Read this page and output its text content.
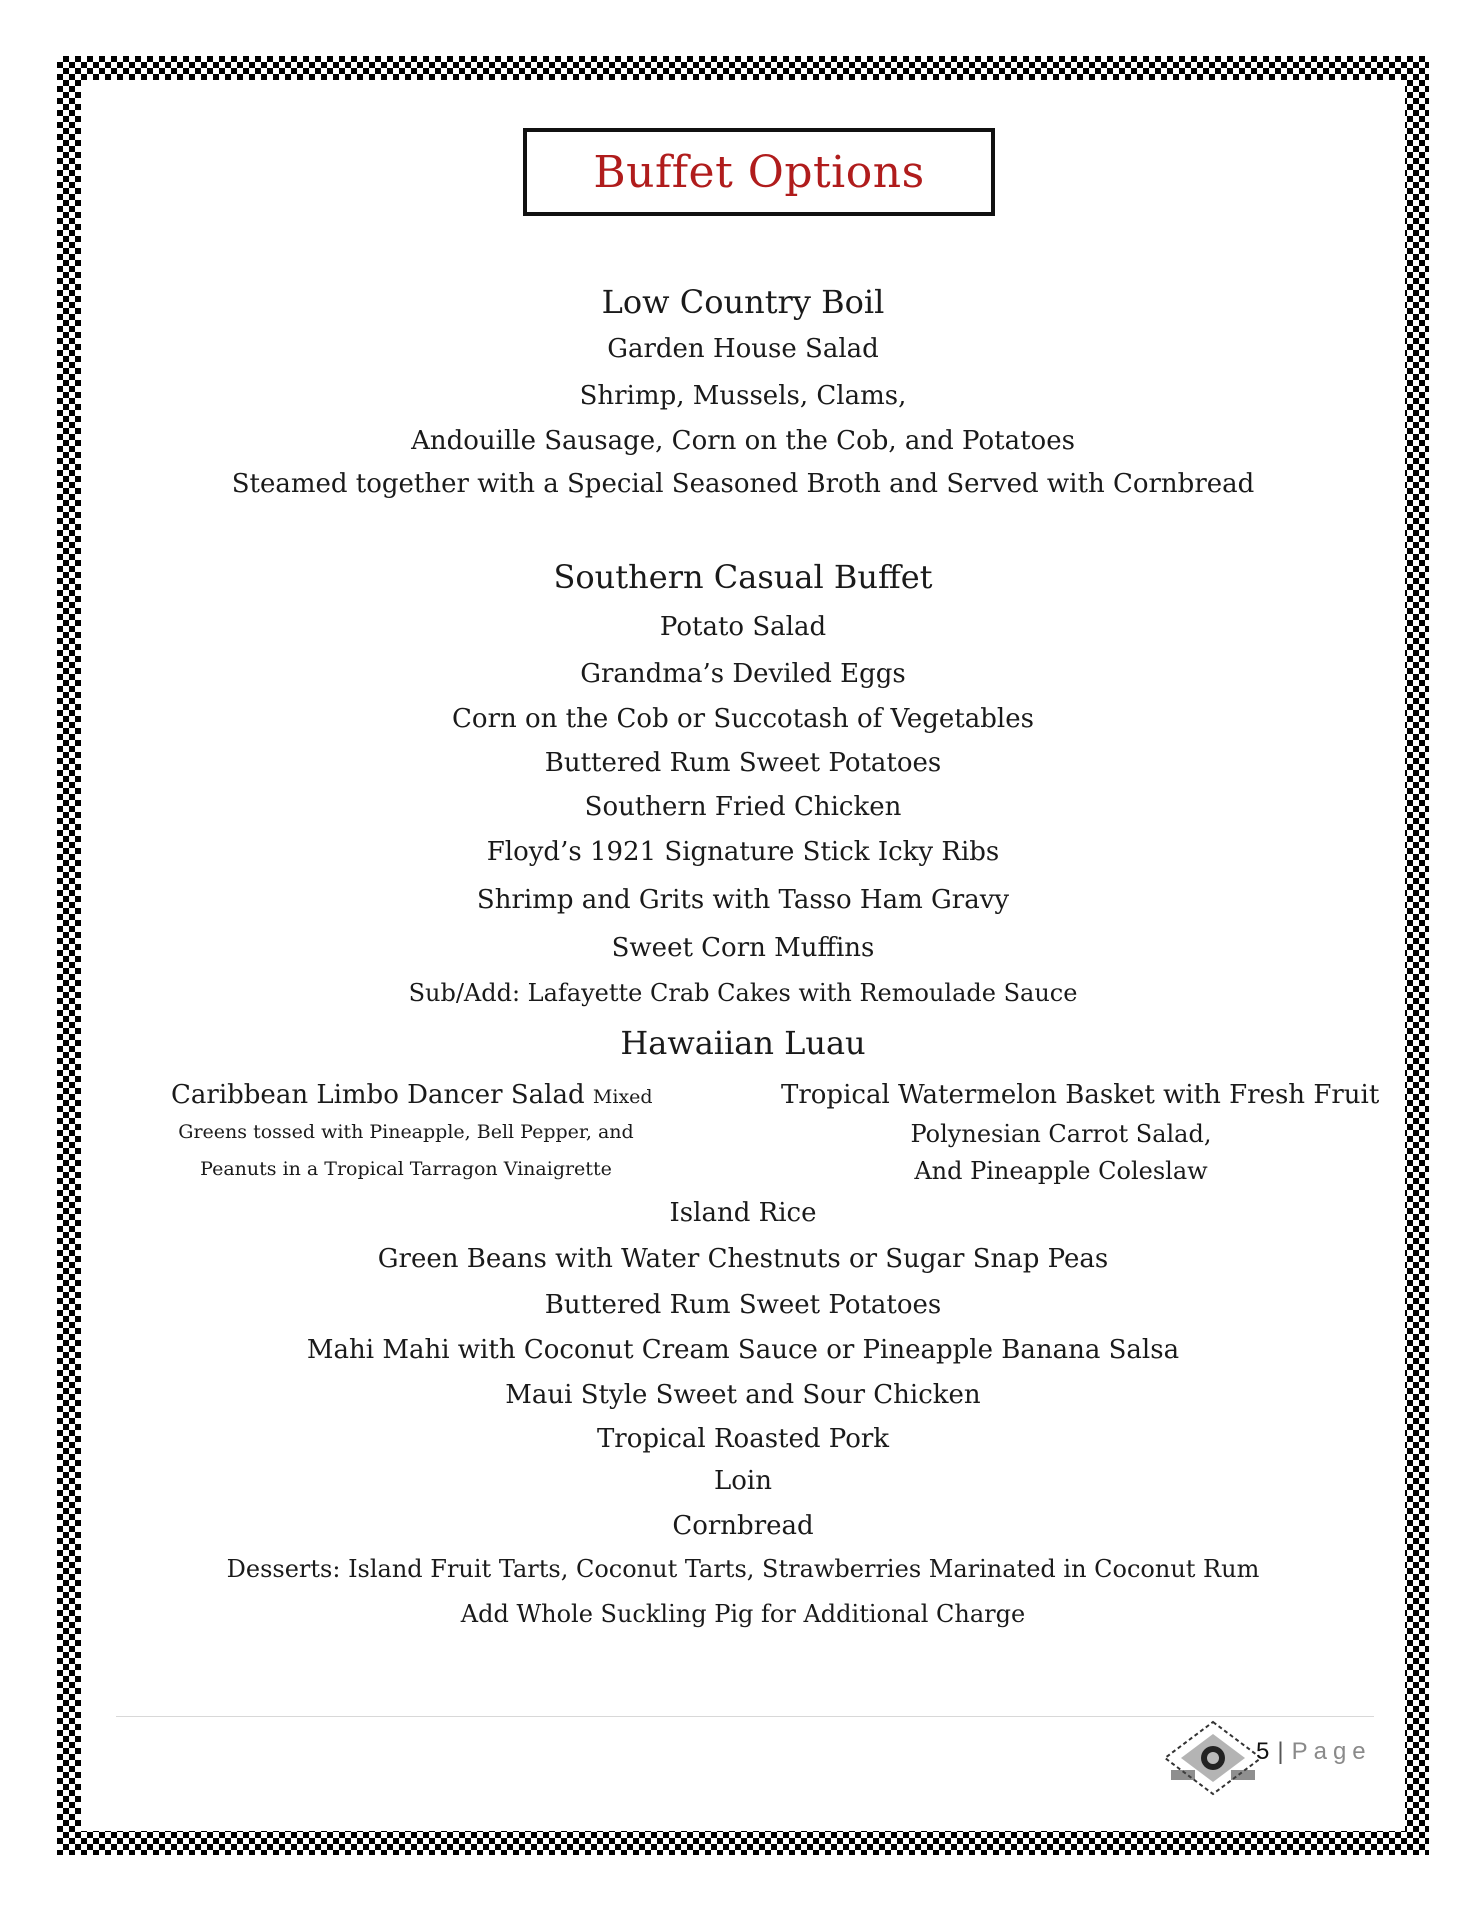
Buffet Options
Low Country Boil
Garden House Salad
Shrimp, Mussels, Clams,
Andouille Sausage, Corn on the Cob, and Potatoes
Steamed together with a Special Seasoned Broth and Served with Cornbread
Southern Casual Buffet
Potato Salad
Grandma’s Deviled Eggs
Corn on the Cob or Succotash of Vegetables
Buttered Rum Sweet Potatoes
Southern Fried Chicken
Floyd’s 1921 Signature Stick Icky Ribs
Shrimp and Grits with Tasso Ham Gravy
Sweet Corn Muffins
Sub/Add: Lafayette Crab Cakes with Remoulade Sauce
Hawaiian Luau
Caribbean Limbo Dancer Salad Mixed
Greens tossed with Pineapple, Bell Pepper, and
Peanuts in a Tropical Tarragon Vinaigrette
Tropical Watermelon Basket with Fresh Fruit
Polynesian Carrot Salad,
And Pineapple Coleslaw
Island Rice
Green Beans with Water Chestnuts or Sugar Snap Peas
Buttered Rum Sweet Potatoes
Mahi Mahi with Coconut Cream Sauce or Pineapple Banana Salsa
Maui Style Sweet and Sour Chicken
Tropical Roasted Pork
Loin
Cornbread
Desserts: Island Fruit Tarts, Coconut Tarts, Strawberries Marinated in Coconut Rum
Add Whole Suckling Pig for Additional Charge
5 | Page
